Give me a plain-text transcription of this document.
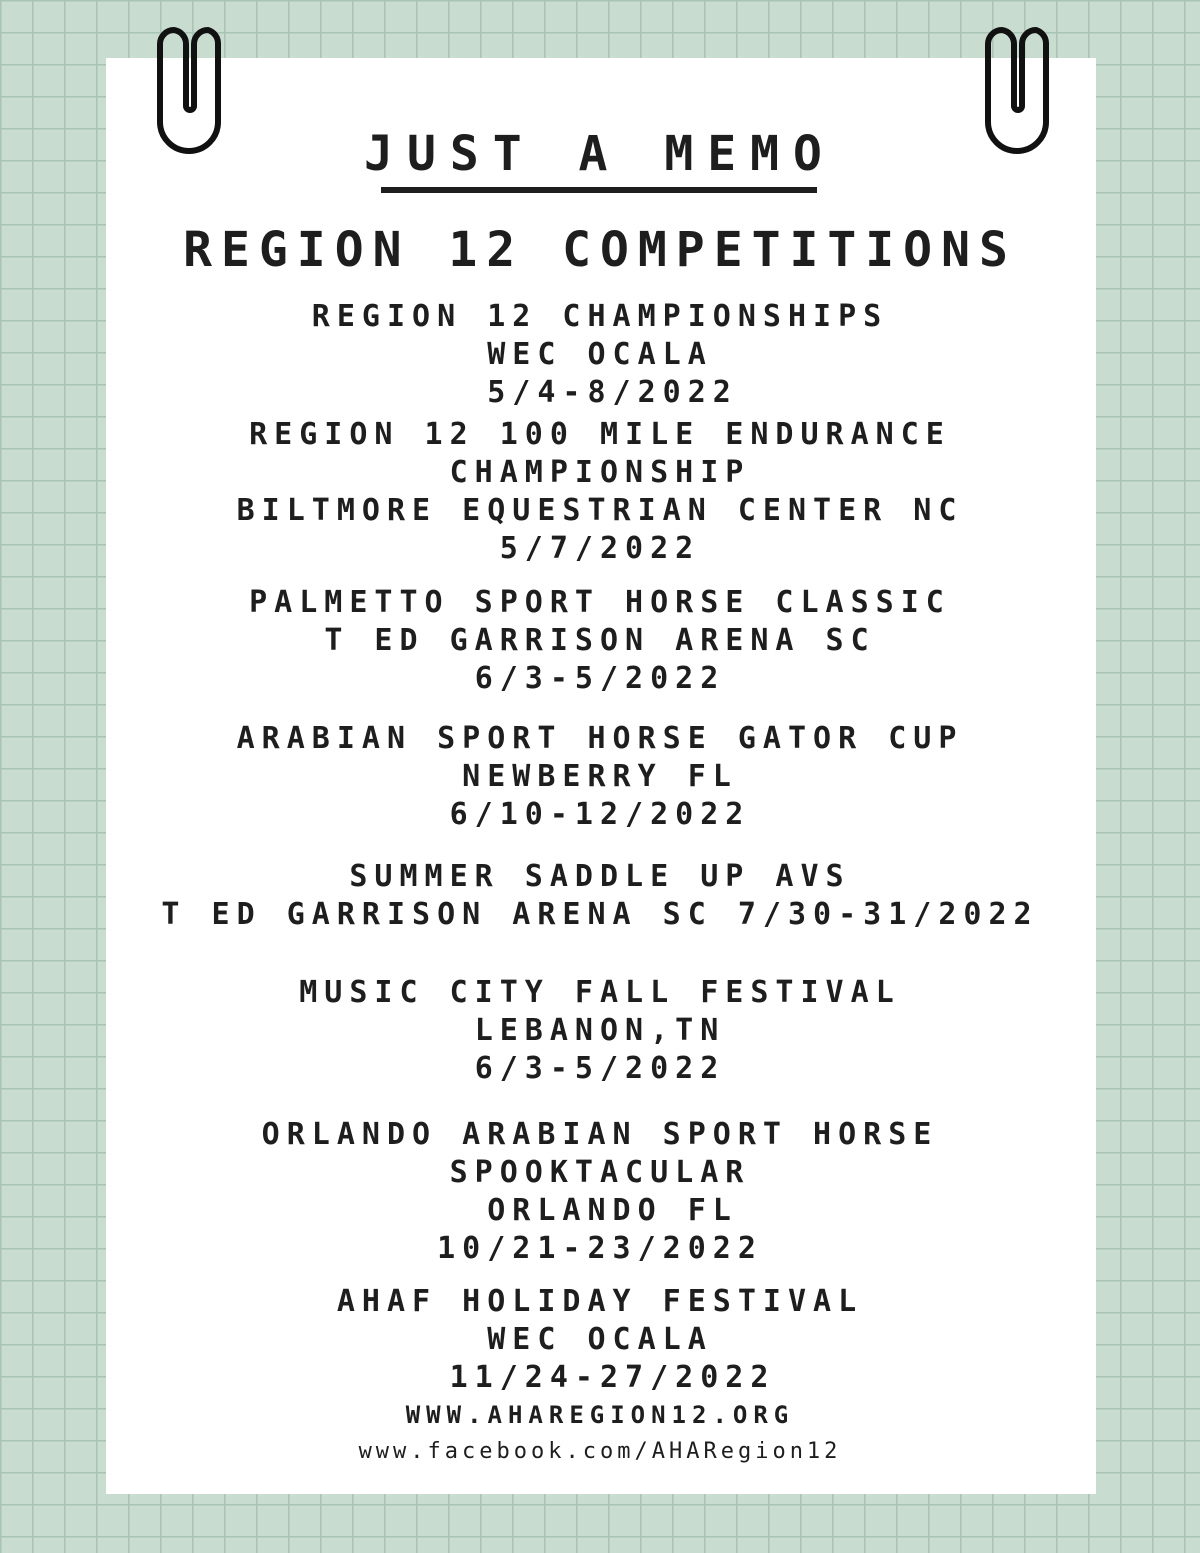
JUST A MEMO
REGION 12 COMPETITIONS
REGION 12 CHAMPIONSHIPS
WEC OCALA
5/4-8/2022
REGION 12 100 MILE ENDURANCE
CHAMPIONSHIP
BILTMORE EQUESTRIAN CENTER NC
5/7/2022
PALMETTO SPORT HORSE CLASSIC
T ED GARRISON ARENA SC
6/3-5/2022
ARABIAN SPORT HORSE GATOR CUP
NEWBERRY FL
6/10-12/2022
SUMMER SADDLE UP AVS
T ED GARRISON ARENA SC 7/30-31/2022
MUSIC CITY FALL FESTIVAL
LEBANON,TN
6/3-5/2022
ORLANDO ARABIAN SPORT HORSE
SPOOKTACULAR
ORLANDO FL
10/21-23/2022
AHAF HOLIDAY FESTIVAL
WEC OCALA
11/24-27/2022
WWW.AHAREGION12.ORG
www.facebook.com/AHARegion12
